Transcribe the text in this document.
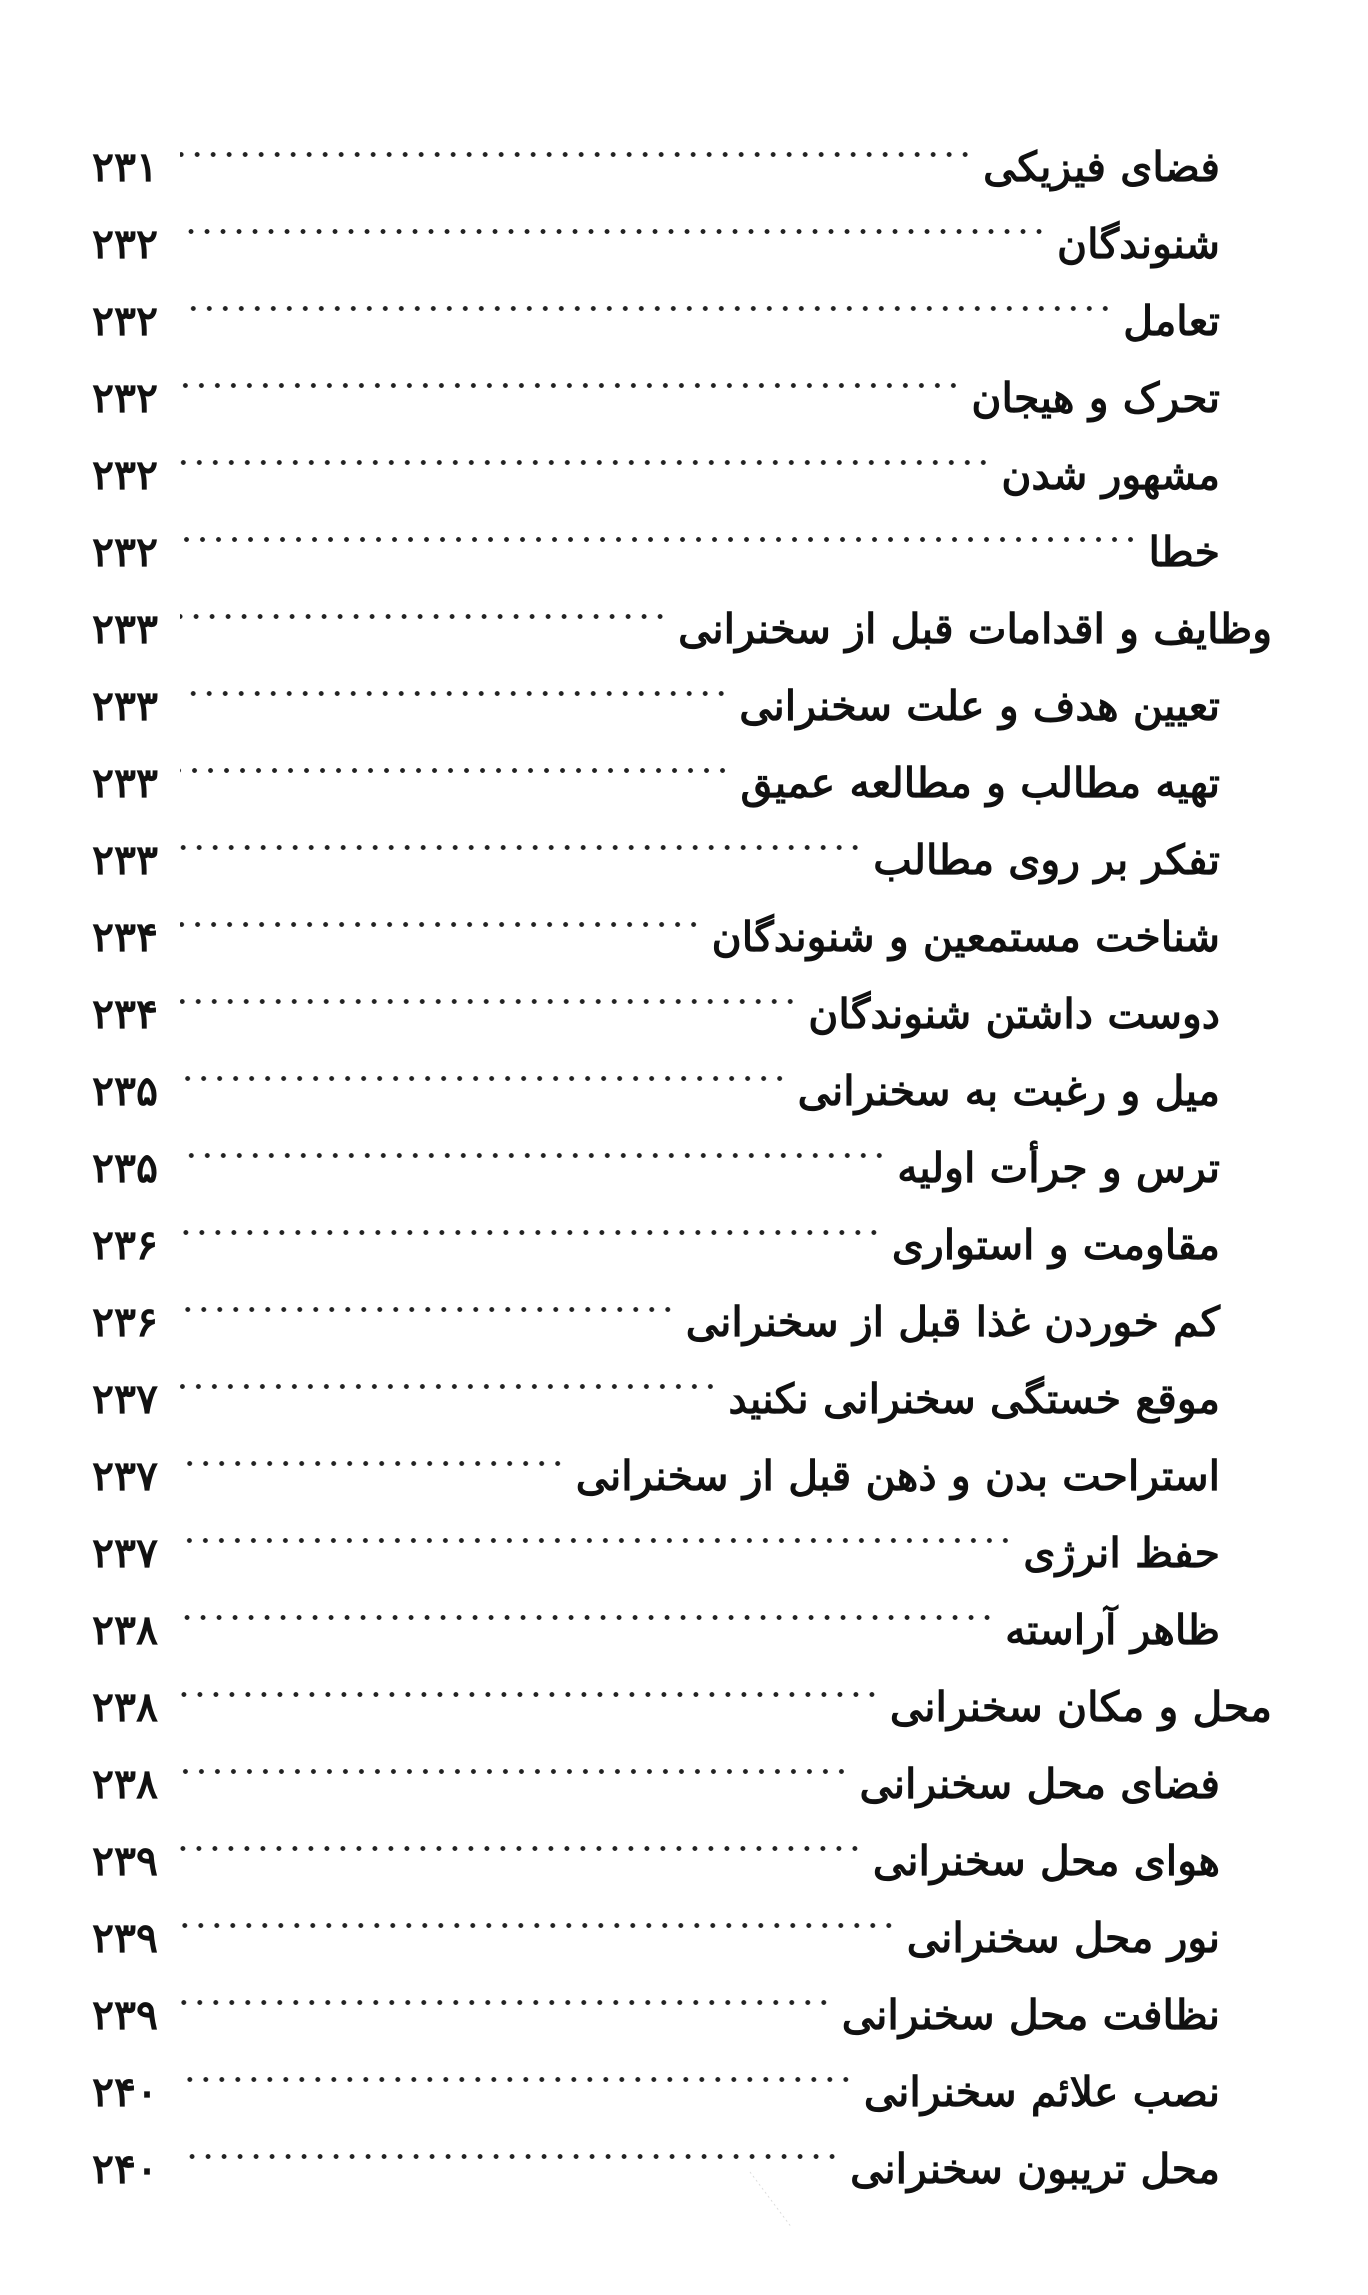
فضای فیزیکی
۲۳۱
شنوندگان
۲۳۲
تعامل
۲۳۲
تحرک و هیجان
۲۳۲
مشهور شدن
۲۳۲
خطا
۲۳۲
وظایف و اقدامات قبل از سخنرانی
۲۳۳
تعیین هدف و علت سخنرانی
۲۳۳
تهیه مطالب و مطالعه عمیق
۲۳۳
تفکر بر روی مطالب
۲۳۳
شناخت مستمعین و شنوندگان
۲۳۴
دوست داشتن شنوندگان
۲۳۴
میل و رغبت به سخنرانی
۲۳۵
ترس و جرأت اولیه
۲۳۵
مقاومت و استواری
۲۳۶
کم خوردن غذا قبل از سخنرانی
۲۳۶
موقع خستگی سخنرانی نکنید
۲۳۷
استراحت بدن و ذهن قبل از سخنرانی
۲۳۷
حفظ انرژی
۲۳۷
ظاهر آراسته
۲۳۸
محل و مکان سخنرانی
۲۳۸
فضای محل سخنرانی
۲۳۸
هوای محل سخنرانی
۲۳۹
نور محل سخنرانی
۲۳۹
نظافت محل سخنرانی
۲۳۹
نصب علائم سخنرانی
۲۴۰
محل تریبون سخنرانی
۲۴۰
